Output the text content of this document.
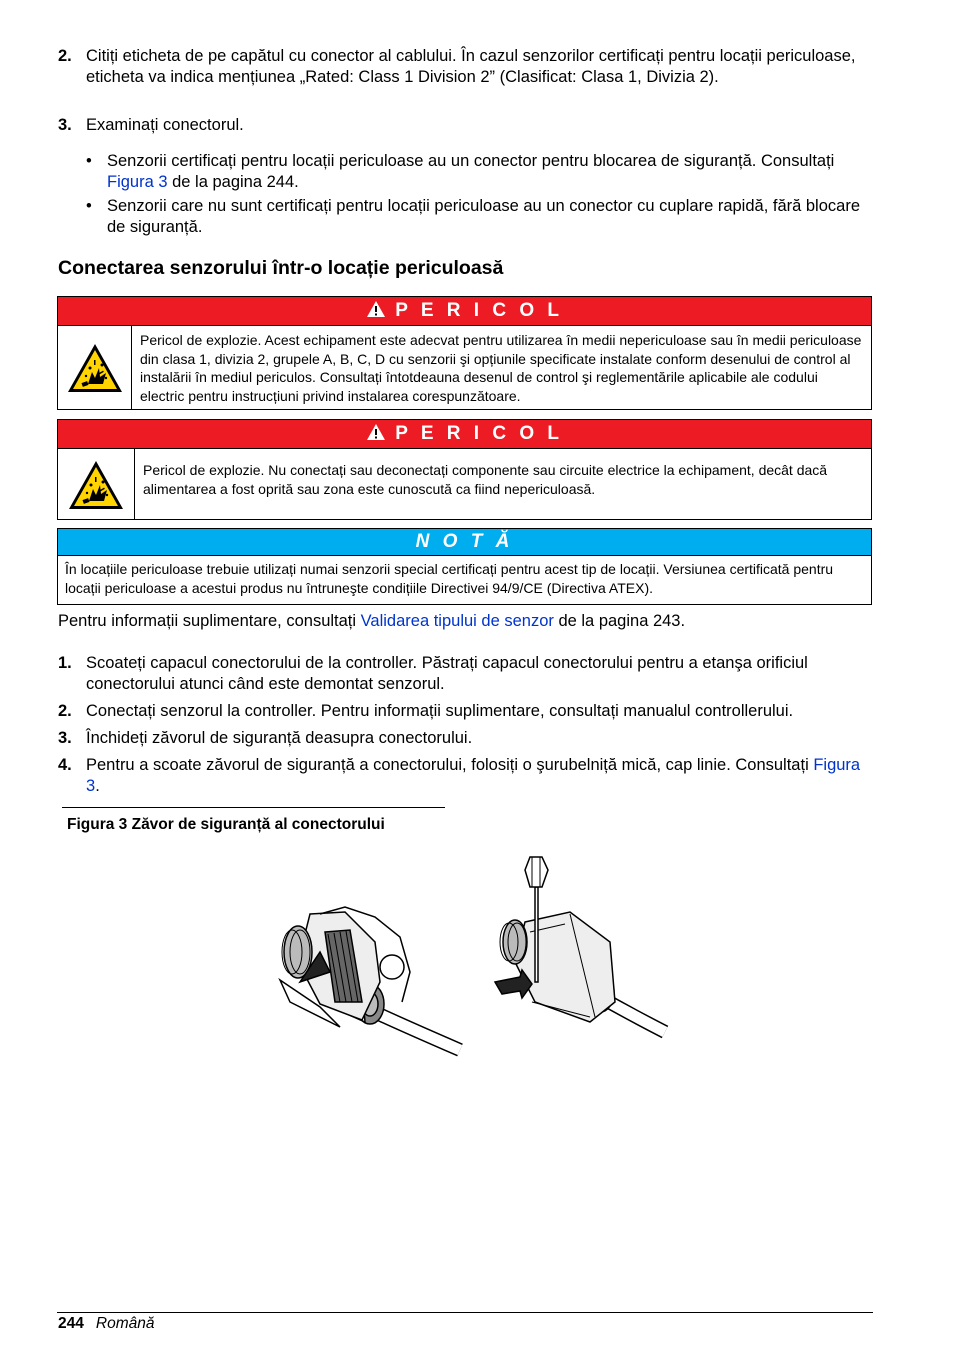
2. Citiți eticheta de pe capătul cu conector al cablului. În cazul senzorilor certificați pentru locații periculoase, eticheta va indica mențiunea „Rated: Class 1 Division 2” (Clasificat: Clasa 1, Divizia 2).
3. Examinați conectorul.
• Senzorii certificați pentru locații periculoase au un conector pentru blocarea de siguranță. Consultați Figura 3 de la pagina 244.
• Senzorii care nu sunt certificați pentru locații periculoase au un conector cu cuplare rapidă, fără blocare de siguranță.
Conectarea senzorului într-o locație periculoasă
P E R I C O L
Pericol de explozie. Acest echipament este adecvat pentru utilizarea în medii nepericuloase sau în medii periculoase din clasa 1, divizia 2, grupele A, B, C, D cu senzorii şi opțiunile specificate instalate conform desenului de control al instalării în mediul periculos. Consultați întotdeauna desenul de control şi reglementările aplicabile ale codului electric pentru instrucțiuni privind instalarea corespunzătoare.
P E R I C O L
Pericol de explozie. Nu conectați sau deconectați componente sau circuite electrice la echipament, decât dacă alimentarea a fost oprită sau zona este cunoscută ca fiind nepericuloasă.
N O T Ă
În locațiile periculoase trebuie utilizați numai senzorii special certificați pentru acest tip de locații. Versiunea certificată pentru locații periculoase a acestui produs nu întruneşte condițiile Directivei 94/9/CE (Directiva ATEX).
Pentru informații suplimentare, consultați Validarea tipului de senzor de la pagina 243.
1. Scoateți capacul conectorului de la controller. Păstrați capacul conectorului pentru a etanşa orificiul conectorului atunci când este demontat senzorul.
2. Conectați senzorul la controller. Pentru informații suplimentare, consultați manualul controllerului.
3. Închideți zăvorul de siguranță deasupra conectorului.
4. Pentru a scoate zăvorul de siguranță a conectorului, folosiți o şurubelniță mică, cap linie. Consultați Figura 3.
Figura 3 Zăvor de siguranță al conectorului
244 Română
